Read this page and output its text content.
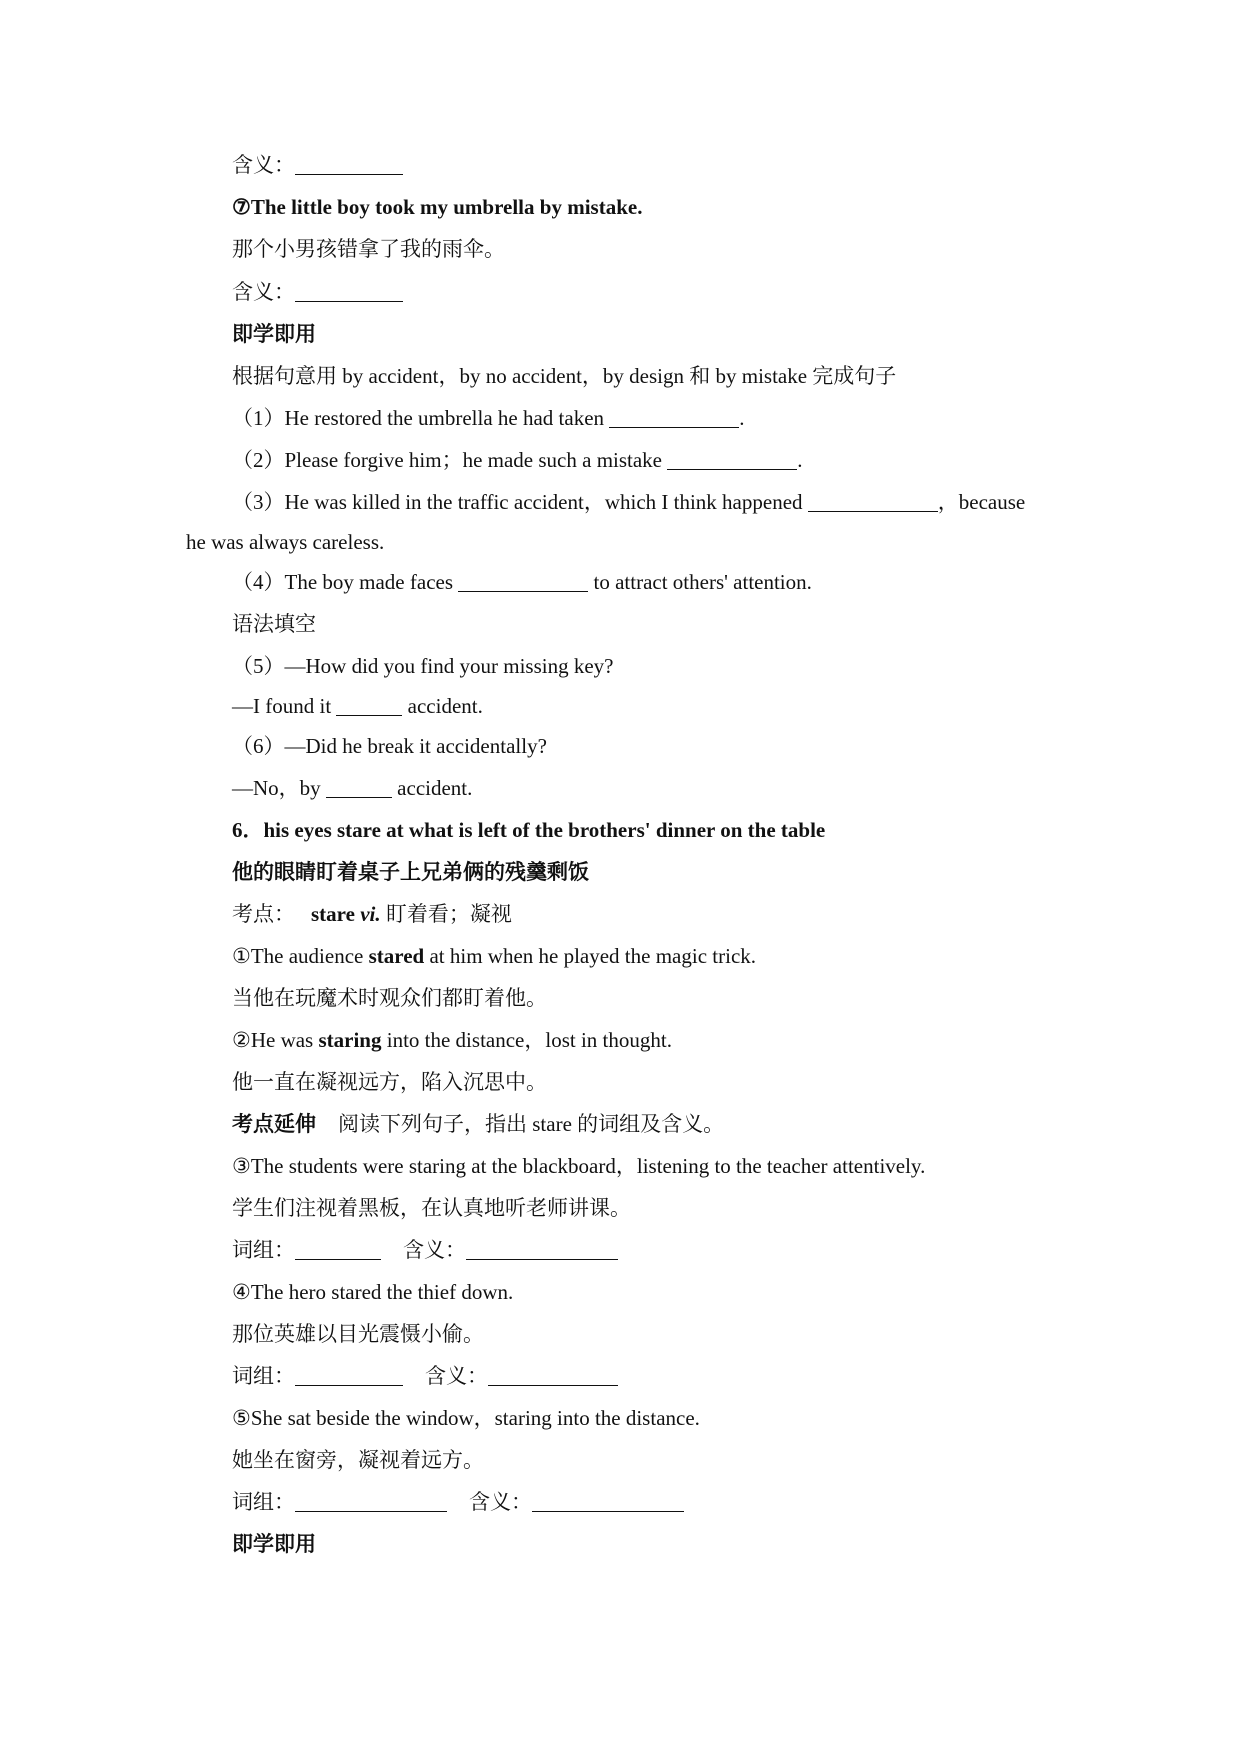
含义：
⑦The little boy took my umbrella by mistake.
那个小男孩错拿了我的雨伞。
含义：
即学即用
根据句意用 by accident，by no accident，by design 和 by mistake 完成句子
（1）He restored the umbrella he had taken	.
（2）Please forgive him；he made such a mistake	.
（3）He was killed in the traffic accident，which I think happened	，because
he was always careless.
（4）The boy made faces	to attract others' attention.
语法填空
（5）—How did you find your missing key?
—I found it	accident.
（6）—Did he break it accidentally?
—No，by	accident.
6．his eyes stare at what is left of the brothers' dinner on the table
他的眼睛盯着桌子上兄弟俩的残羹剩饭
考点： stare vi. 盯着看；凝视
①The audience stared at him when he played the magic trick.
当他在玩魔术时观众们都盯着他。
②He was staring into the distance，lost in thought.
他一直在凝视远方，陷入沉思中。
考点延伸 阅读下列句子，指出 stare 的词组及含义。
③The students were staring at the blackboard，listening to the teacher attentively.
学生们注视着黑板，在认真地听老师讲课。
词组：	含义：
④The hero stared the thief down.
那位英雄以目光震慑小偷。
词组：	含义：
⑤She sat beside the window，staring into the distance.
她坐在窗旁，凝视着远方。
词组：	含义：
即学即用
